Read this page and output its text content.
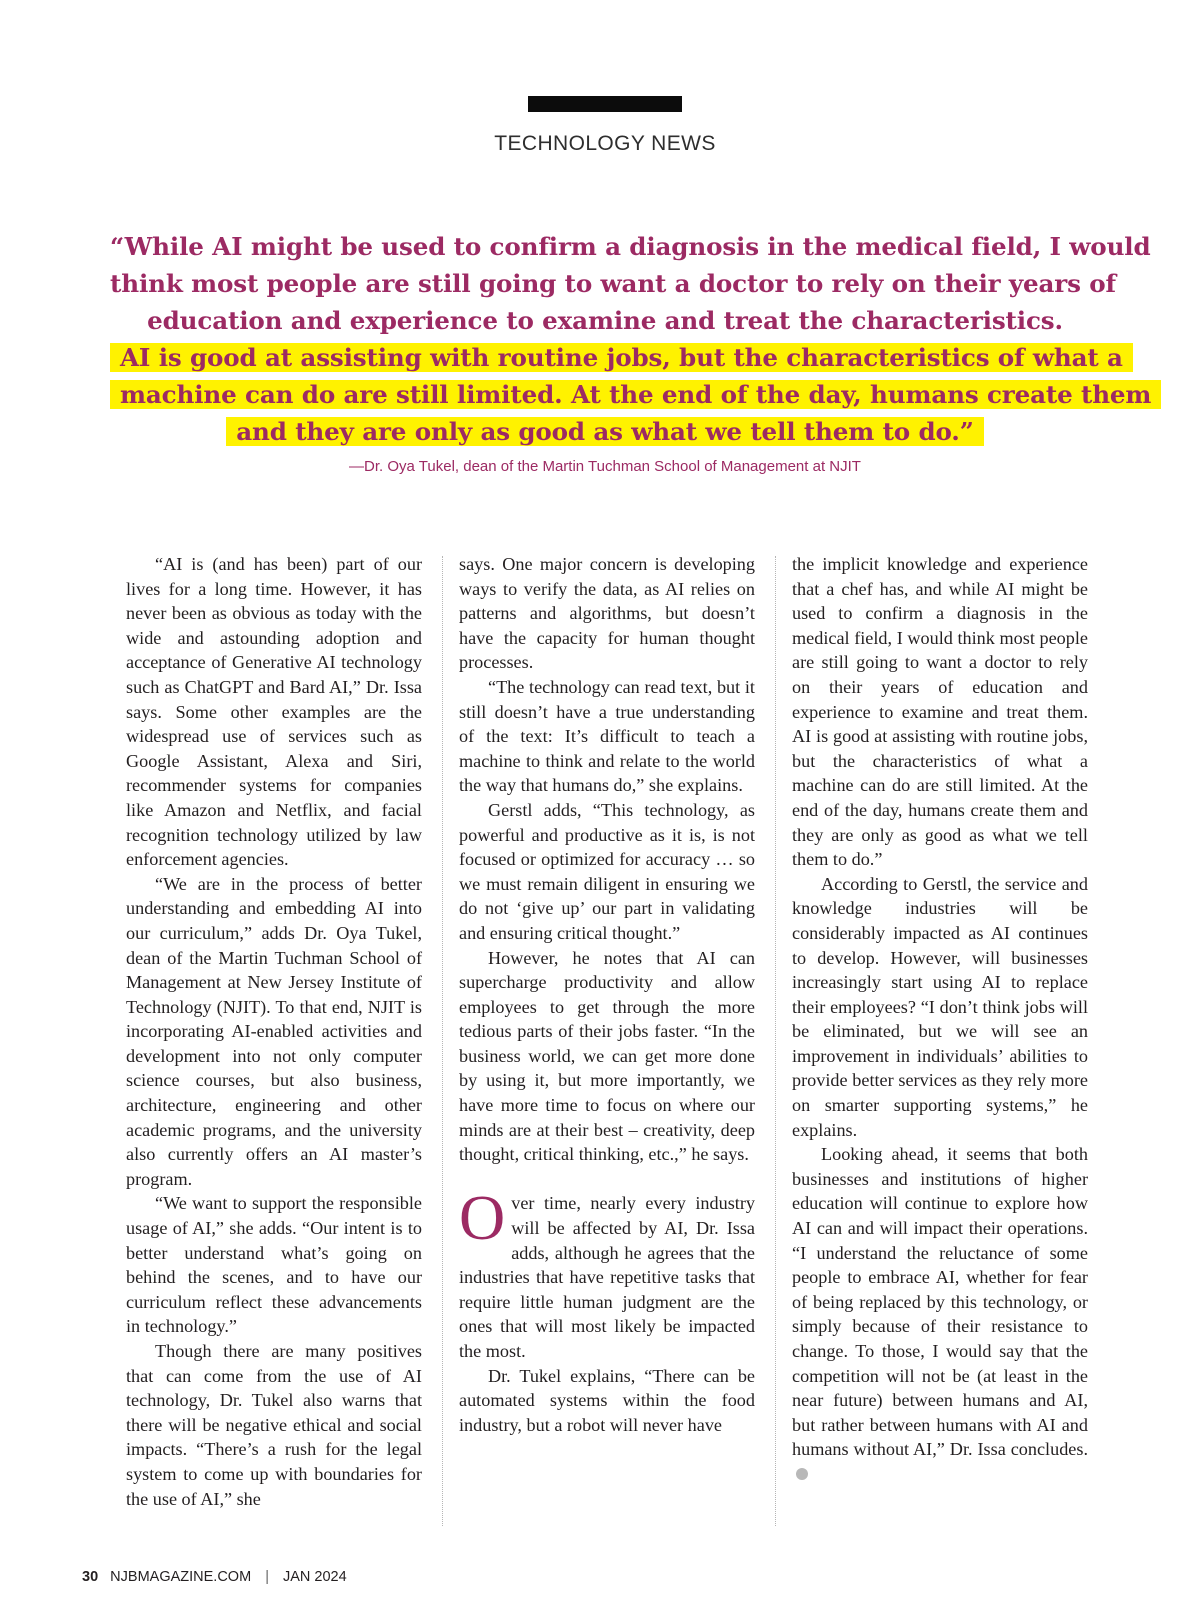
TECHNOLOGY NEWS
“While AI might be used to confirm a diagnosis in the medical field, I would
think most people are still going to want a doctor to rely on their years of
education and experience to examine and treat the characteristics.
AI is good at assisting with routine jobs, but the characteristics of what a
machine can do are still limited. At the end of the day, humans create them
and they are only as good as what we tell them to do.”
—Dr. Oya Tukel, dean of the Martin Tuchman School of Management at NJIT

“AI is (and has been) part of our lives for a long time. However, it has never been as obvious as today with the wide and astounding adoption and acceptance of Generative AI technology such as ChatGPT and Bard AI,” Dr. Issa says. Some other examples are the widespread use of services such as Google Assistant, Alexa and Siri, recommender systems for companies like Amazon and Netflix, and facial recognition technology utilized by law enforcement agencies.

“We are in the process of better understanding and embedding AI into our curriculum,” adds Dr. Oya Tukel, dean of the Martin Tuchman School of Management at New Jersey Institute of Technology (NJIT). To that end, NJIT is incorporating AI-enabled activities and development into not only computer science courses, but also business, architecture, engineering and other academic programs, and the university also currently offers an AI master’s program.

“We want to support the responsible usage of AI,” she adds. “Our intent is to better understand what’s going on behind the scenes, and to have our curriculum reflect these advancements in technology.”

Though there are many positives that can come from the use of AI technology, Dr. Tukel also warns that there will be negative ethical and social impacts. “There’s a rush for the legal system to come up with boundaries for the use of AI,” she

says. One major concern is developing ways to verify the data, as AI relies on patterns and algorithms, but doesn’t have the capacity for human thought processes.

“The technology can read text, but it still doesn’t have a true understanding of the text: It’s difficult to teach a machine to think and relate to the world the way that humans do,” she explains.

Gerstl adds, “This technology, as powerful and productive as it is, is not focused or optimized for accuracy … so we must remain diligent in ensuring we do not ‘give up’ our part in validating and ensuring critical thought.”

However, he notes that AI can supercharge productivity and allow employees to get through the more tedious parts of their jobs faster. “In the business world, we can get more done by using it, but more importantly, we have more time to focus on where our minds are at their best – creativity, deep thought, critical thinking, etc.,” he says.

Over time, nearly every industry will be affected by AI, Dr. Issa adds, although he agrees that the industries that have repetitive tasks that require little human judgment are the ones that will most likely be impacted the most.

Dr. Tukel explains, “There can be automated systems within the food industry, but a robot will never have

the implicit knowledge and experience that a chef has, and while AI might be used to confirm a diagnosis in the medical field, I would think most people are still going to want a doctor to rely on their years of education and experience to examine and treat them. AI is good at assisting with routine jobs, but the characteristics of what a machine can do are still limited. At the end of the day, humans create them and they are only as good as what we tell them to do.”

According to Gerstl, the service and knowledge industries will be considerably impacted as AI continues to develop. However, will businesses increasingly start using AI to replace their employees? “I don’t think jobs will be eliminated, but we will see an improvement in individuals’ abilities to provide better services as they rely more on smarter supporting systems,” he explains.

Looking ahead, it seems that both businesses and institutions of higher education will continue to explore how AI can and will impact their operations. “I understand the reluctance of some people to embrace AI, whether for fear of being replaced by this technology, or simply because of their resistance to change. To those, I would say that the competition will not be (at least in the near future) between humans and AI, but rather between humans with AI and humans without AI,” Dr. Issa concludes.

30 NJBMAGAZINE.COM | JAN 2024
